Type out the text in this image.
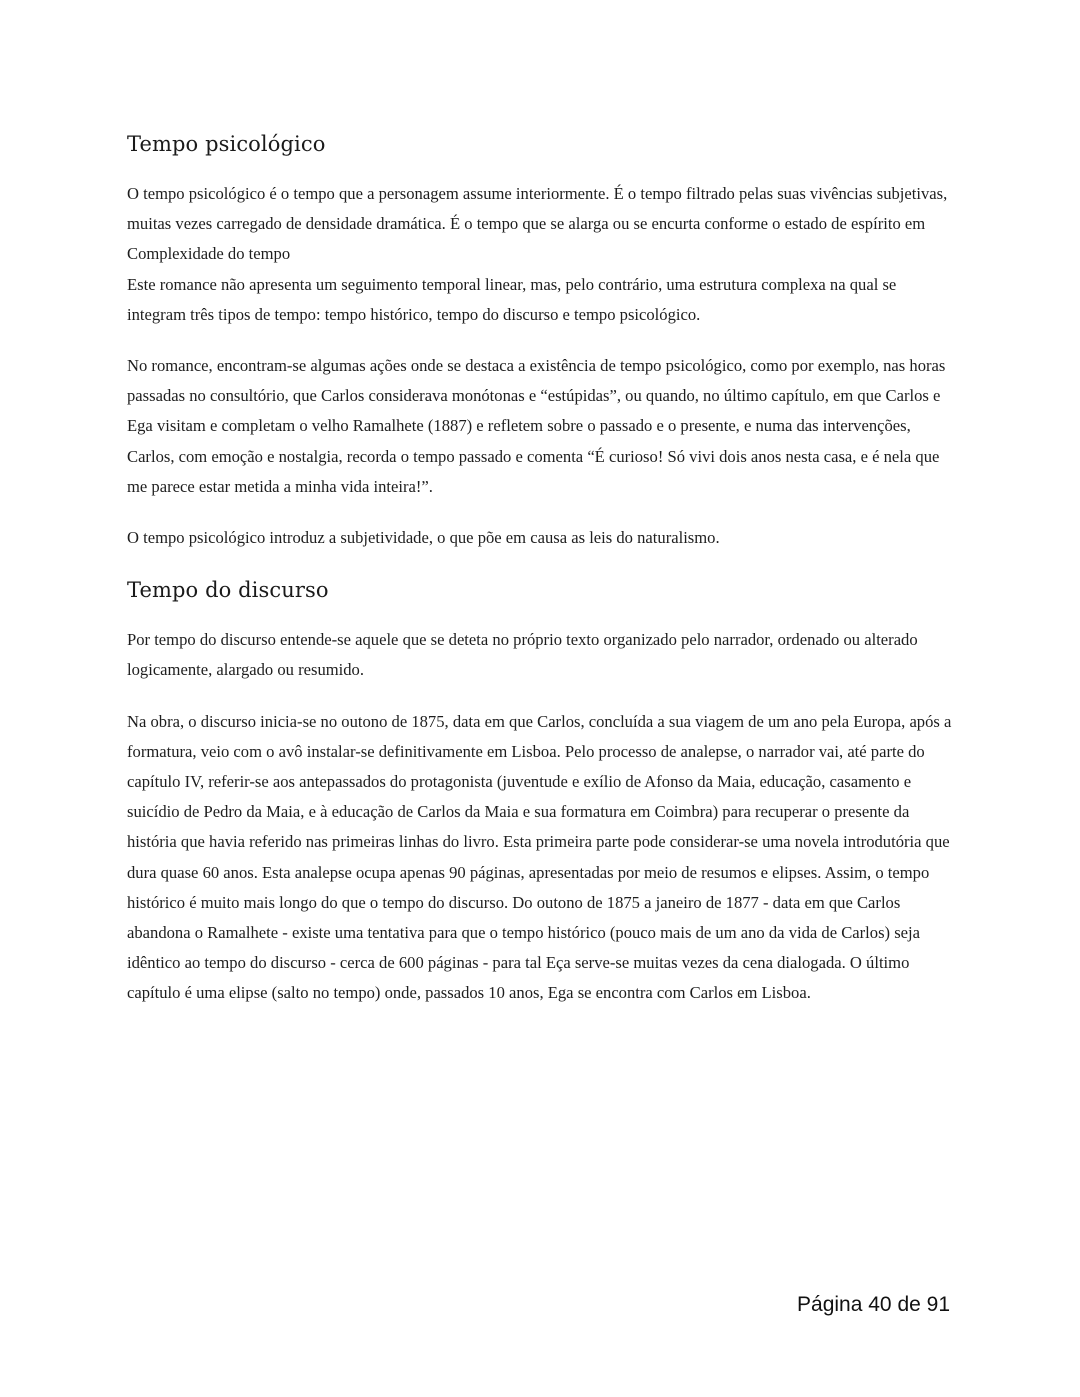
Tempo psicológico

O tempo psicológico é o tempo que a personagem assume interiormente. É o tempo filtrado pelas suas vivências subjetivas, muitas vezes carregado de densidade dramática. É o tempo que se alarga ou se encurta conforme o estado de espírito em Complexidade do tempo

Este romance não apresenta um seguimento temporal linear, mas, pelo contrário, uma estrutura complexa na qual se integram três tipos de tempo: tempo histórico, tempo do discurso e tempo psicológico.

No romance, encontram-se algumas ações onde se destaca a existência de tempo psicológico, como por exemplo, nas horas passadas no consultório, que Carlos considerava monótonas e “estúpidas”, ou quando, no último capítulo, em que Carlos e Ega visitam e completam o velho Ramalhete (1887) e refletem sobre o passado e o presente, e numa das intervenções, Carlos, com emoção e nostalgia, recorda o tempo passado e comenta “É curioso! Só vivi dois anos nesta casa, e é nela que me parece estar metida a minha vida inteira!”.

O tempo psicológico introduz a subjetividade, o que põe em causa as leis do naturalismo.

Tempo do discurso

Por tempo do discurso entende-se aquele que se deteta no próprio texto organizado pelo narrador, ordenado ou alterado logicamente, alargado ou resumido.

Na obra, o discurso inicia-se no outono de 1875, data em que Carlos, concluída a sua viagem de um ano pela Europa, após a formatura, veio com o avô instalar-se definitivamente em Lisboa. Pelo processo de analepse, o narrador vai, até parte do capítulo IV, referir-se aos antepassados do protagonista (juventude e exílio de Afonso da Maia, educação, casamento e suicídio de Pedro da Maia, e à educação de Carlos da Maia e sua formatura em Coimbra) para recuperar o presente da história que havia referido nas primeiras linhas do livro. Esta primeira parte pode considerar-se uma novela introdutória que dura quase 60 anos. Esta analepse ocupa apenas 90 páginas, apresentadas por meio de resumos e elipses. Assim, o tempo histórico é muito mais longo do que o tempo do discurso. Do outono de 1875 a janeiro de 1877 - data em que Carlos abandona o Ramalhete - existe uma tentativa para que o tempo histórico (pouco mais de um ano da vida de Carlos) seja idêntico ao tempo do discurso - cerca de 600 páginas - para tal Eça serve-se muitas vezes da cena dialogada. O último capítulo é uma elipse (salto no tempo) onde, passados 10 anos, Ega se encontra com Carlos em Lisboa.

Página 40 de 91
